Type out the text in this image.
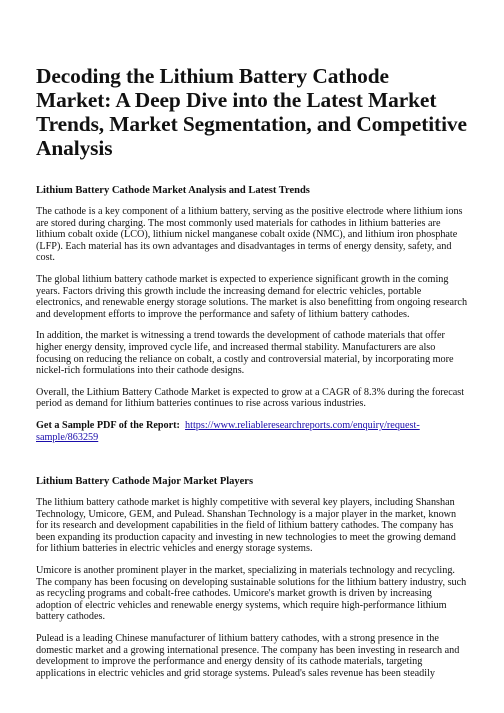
Decoding the Lithium Battery Cathode Market: A Deep Dive into the Latest Market Trends, Market Segmentation, and Competitive Analysis
Lithium Battery Cathode Market Analysis and Latest Trends

The cathode is a key component of a lithium battery, serving as the positive electrode where lithium ions are stored during charging. The most commonly used materials for cathodes in lithium batteries are lithium cobalt oxide (LCO), lithium nickel manganese cobalt oxide (NMC), and lithium iron phosphate (LFP). Each material has its own advantages and disadvantages in terms of energy density, safety, and cost.

The global lithium battery cathode market is expected to experience significant growth in the coming years. Factors driving this growth include the increasing demand for electric vehicles, portable electronics, and renewable energy storage solutions. The market is also benefitting from ongoing research and development efforts to improve the performance and safety of lithium battery cathodes.

In addition, the market is witnessing a trend towards the development of cathode materials that offer higher energy density, improved cycle life, and increased thermal stability. Manufacturers are also focusing on reducing the reliance on cobalt, a costly and controversial material, by incorporating more nickel-rich formulations into their cathode designs.

Overall, the Lithium Battery Cathode Market is expected to grow at a CAGR of 8.3% during the forecast period as demand for lithium batteries continues to rise across various industries.

Get a Sample PDF of the Report: https://www.reliableresearchreports.com/enquiry/request-sample/863259

Lithium Battery Cathode Major Market Players

The lithium battery cathode market is highly competitive with several key players, including Shanshan Technology, Umicore, GEM, and Pulead. Shanshan Technology is a major player in the market, known for its research and development capabilities in the field of lithium battery cathodes. The company has been expanding its production capacity and investing in new technologies to meet the growing demand for lithium batteries in electric vehicles and energy storage systems.

Umicore is another prominent player in the market, specializing in materials technology and recycling. The company has been focusing on developing sustainable solutions for the lithium battery industry, such as recycling programs and cobalt-free cathodes. Umicore's market growth is driven by increasing adoption of electric vehicles and renewable energy systems, which require high-performance lithium battery cathodes.

Pulead is a leading Chinese manufacturer of lithium battery cathodes, with a strong presence in the domestic market and a growing international presence. The company has been investing in research and development to improve the performance and energy density of its cathode materials, targeting applications in electric vehicles and grid storage systems. Pulead's sales revenue has been steadily
